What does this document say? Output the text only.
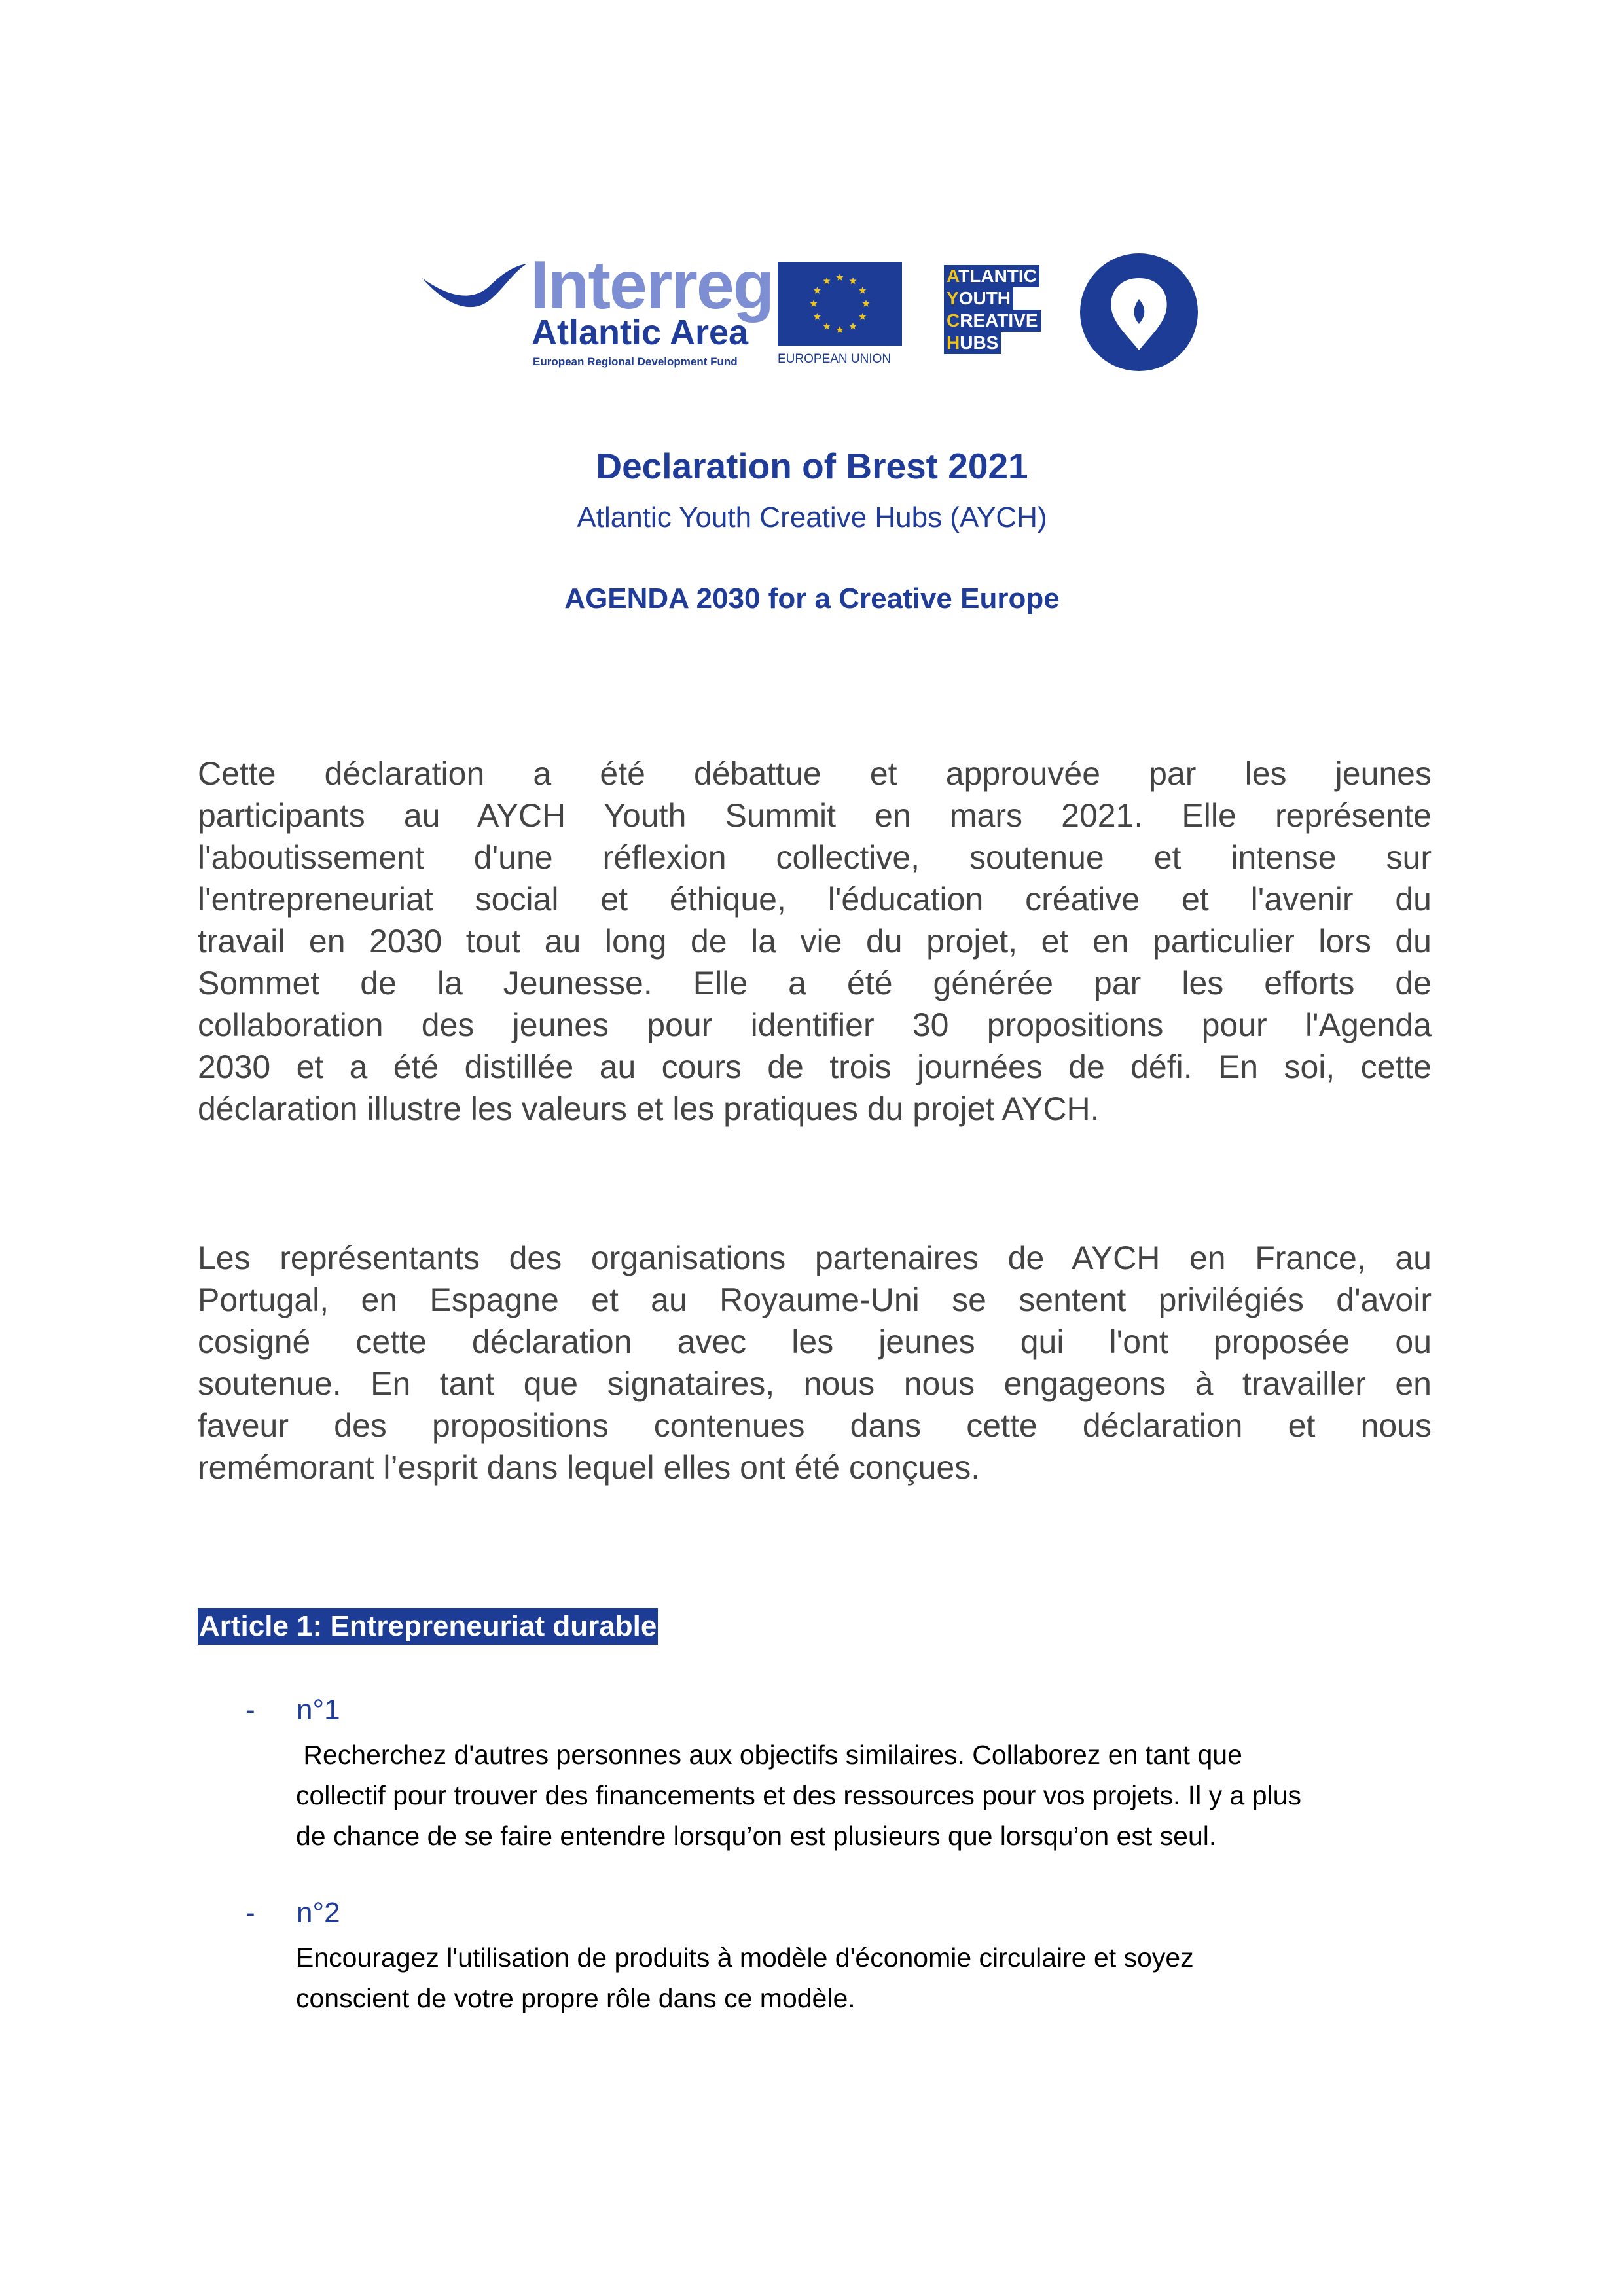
Interreg
Atlantic Area
European Regional Development Fund	EUROPEAN UNION
ATLANTIC
YOUTH
CREATIVE
HUBS
Declaration of Brest 2021
Atlantic Youth Creative Hubs (AYCH)
AGENDA 2030 for a Creative Europe
Cette déclaration a été débattue et approuvée par les jeunes
participants au AYCH Youth Summit en mars 2021. Elle représente
l'aboutissement d'une réflexion collective, soutenue et intense sur
l'entrepreneuriat social et éthique, l'éducation créative et l'avenir du
travail en 2030 tout au long de la vie du projet, et en particulier lors du
Sommet de la Jeunesse. Elle a été générée par les efforts de
collaboration des jeunes pour identifier 30 propositions pour l'Agenda
2030 et a été distillée au cours de trois journées de défi. En soi, cette
déclaration illustre les valeurs et les pratiques du projet AYCH.
Les représentants des organisations partenaires de AYCH en France, au
Portugal, en Espagne et au Royaume-Uni se sentent privilégiés d'avoir
cosigné cette déclaration avec les jeunes qui l'ont proposée ou
soutenue. En tant que signataires, nous nous engageons à travailler en
faveur des propositions contenues dans cette déclaration et nous
remémorant l’esprit dans lequel elles ont été conçues.
Article 1: Entrepreneuriat durable
- n°1
Recherchez d'autres personnes aux objectifs similaires. Collaborez en tant que
collectif pour trouver des financements et des ressources pour vos projets. Il y a plus
de chance de se faire entendre lorsqu’on est plusieurs que lorsqu’on est seul.
- n°2
Encouragez l'utilisation de produits à modèle d'économie circulaire et soyez
conscient de votre propre rôle dans ce modèle.
